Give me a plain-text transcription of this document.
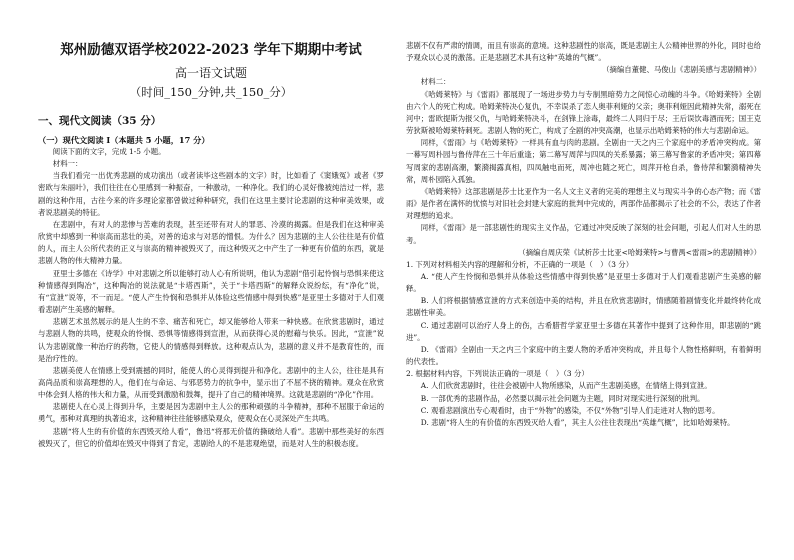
郑州励德双语学校2022-2023 学年下期期中考试
高一语文试题
（时间_150_分钟,共_150_分）
一、现代文阅读（35 分）
（一）现代文阅读 I（本题共 5 小题，17 分）

阅读下面的文字，完成 1-5 小题。

材料一：

当我们看完一出优秀悲剧的成功演出（或者读毕这些剧本的文字）时，比如看了《窦娥冤》或者《罗密欧与朱丽叶》，我们往往在心里感到一种振奋，一种激动，一种净化。我们的心灵好像被纯洁过一样，悲剧的这种作用，古往今来的许多理论家都曾做过种种研究，我们在这里主要讨论悲剧的这种审美效果，或者说悲剧美的特征。

在悲剧中，有对人的悲惨与苦难的表现，甚至还带有对人的罪恶、冷漠的揭露。但是我们在这种审美欣赏中却感到一种崇高而悲壮的美，对善的追求与对恶的憎恨。为什么？因为悲剧的主人公往往是有价值的人，而主人公所代表的正义与崇高的精神被毁灭了，而这种毁灭之中产生了一种更有价值的东西，就是悲剧人物的伟大精神力量。

亚里士多德在《诗学》中对悲剧之所以能够打动人心有所说明，他认为悲剧“借引起怜悯与恐惧来使这种情感得到陶冶”，这种陶冶的说法就是“卡塔西斯”，关于“卡塔西斯”的解释众说纷纭，有“净化”说，有“宣泄”说等，不一而足。“使人产生怜悯和恐惧并从体验这些情感中得到快感”是亚里士多德对于人们观看悲剧产生美感的解释。

悲剧艺术虽然展示的是人生的不幸、痛苦和死亡，却又能够给人带来一种快感。在欣赏悲剧时，通过与悲剧人物的共鸣，使观众的怜悯、恐惧等情感得到宣泄，从而获得心灵的慰藉与快乐。因此，“宣泄”说认为悲剧就像一种治疗的药物，它使人的情感得到释放。这种观点认为，悲剧的意义并不是教育性的，而是治疗性的。

悲剧美使人在情感上受到震撼的同时，能使人的心灵得到提升和净化。悲剧中的主人公，往往是具有高尚品质和崇高理想的人，他们在与命运、与邪恶势力的抗争中，显示出了不屈不挠的精神。观众在欣赏中体会到人格的伟大和力量，从而受到激励和鼓舞，提升了自己的精神境界。这就是悲剧的“净化”作用。

悲剧使人在心灵上得到升华，主要是因为悲剧中主人公的那种顽强的斗争精神，那种不屈服于命运的勇气，那种对真理的执著追求，这种精神往往能够感染观众，使观众在心灵深处产生共鸣。

悲剧“将人生的有价值的东西毁灭给人看”，鲁迅“将那无价值的撕破给人看”。悲剧中那些美好的东西被毁灭了，但它的价值却在毁灭中得到了肯定，悲剧给人的不是悲观绝望，而是对人生的积极态度。

悲剧不仅有严肃的情调，而且有崇高的意境。这种悲剧性的崇高，既是悲剧主人公精神世界的外化，同时也给予观众以心灵的激荡。正是悲剧艺术具有这种“英雄的气概”。

（摘编自董健、马俊山《悲剧美感与悲剧精神》）

材料二：

《哈姆莱特》与《雷雨》都展现了一场进步势力与专制黑暗势力之间惊心动魄的斗争。《哈姆莱特》全剧由六个人的死亡构成。哈姆莱特决心复仇，不幸误杀了恋人奥菲利娅的父亲；奥菲利娅因此精神失常，溺死在河中；雷欧提斯为报父仇，与哈姆莱特决斗，在剑锋上涂毒，最终二人同归于尽；王后误饮毒酒而死；国王克劳狄斯被哈姆莱特刺死。悲剧人物的死亡，构成了全剧的冲突高潮，也显示出哈姆莱特的伟大与悲剧命运。

同样，《雷雨》与《哈姆莱特》一样具有血与肉的悲剧。全剧由一天之内三个家庭中的矛盾冲突构成。第一幕写周朴园与鲁侍萍在三十年后重逢；第二幕写周萍与四凤的关系暴露；第三幕写鲁家的矛盾冲突；第四幕写周家的悲剧高潮，繁漪揭露真相，四凤触电而死，周冲也随之死亡，周萍开枪自杀，鲁侍萍和繁漪精神失常，周朴园陷入孤独。

《哈姆莱特》这部悲剧是莎士比亚作为一名人文主义者的完美的理想主义与现实斗争的心态产物；而《雷雨》是作者在满怀的忧愤与对旧社会封建大家庭的批判中完成的，两部作品都揭示了社会的不公，表达了作者对理想的追求。

同样，《雷雨》是一部悲剧性的现实主义作品，它通过冲突反映了深刻的社会问题，引起人们对人生的思考。

（摘编自周庆荣《试析莎士比亚<哈姆莱特>与曹禺<雷雨>的悲剧精神》）

1. 下列对材料相关内容的理解和分析，不正确的一项是（　）（3 分）

A. “使人产生怜悯和恐惧并从体验这些情感中得到快感”是亚里士多德对于人们观看悲剧产生美感的解释。

B. 人们将根据情感宣泄的方式来创造中美的结构，并且在欣赏悲剧时，情感随着剧情变化并最终转化成悲剧性审美。

C. 通过悲剧可以治疗人身上的伤，古希腊哲学家亚里士多德在其著作中提到了这种作用，即悲剧的“跳进”。

D. 《雷雨》全剧由一天之内三个家庭中的主要人物的矛盾冲突构成，并且每个人物性格鲜明，有着鲜明的代表性。

2. 根据材料内容，下列说法正确的一项是（　）（3 分）

A. 人们欣赏悲剧时，往往会被剧中人物所感染，从而产生悲剧美感，在情绪上得到宣泄。

B. 一部优秀的悲剧作品，必然要以揭示社会问题为主题，同时对现实进行深刻的批判。

C. 观看悲剧演出专心观看时，由于“外物”的感染，不仅“外物”引导人们走进对人物的思考。

D. 悲剧“将人生的有价值的东西毁灭给人看”，其主人公往往表现出“英雄气概”，比如哈姆莱特。
